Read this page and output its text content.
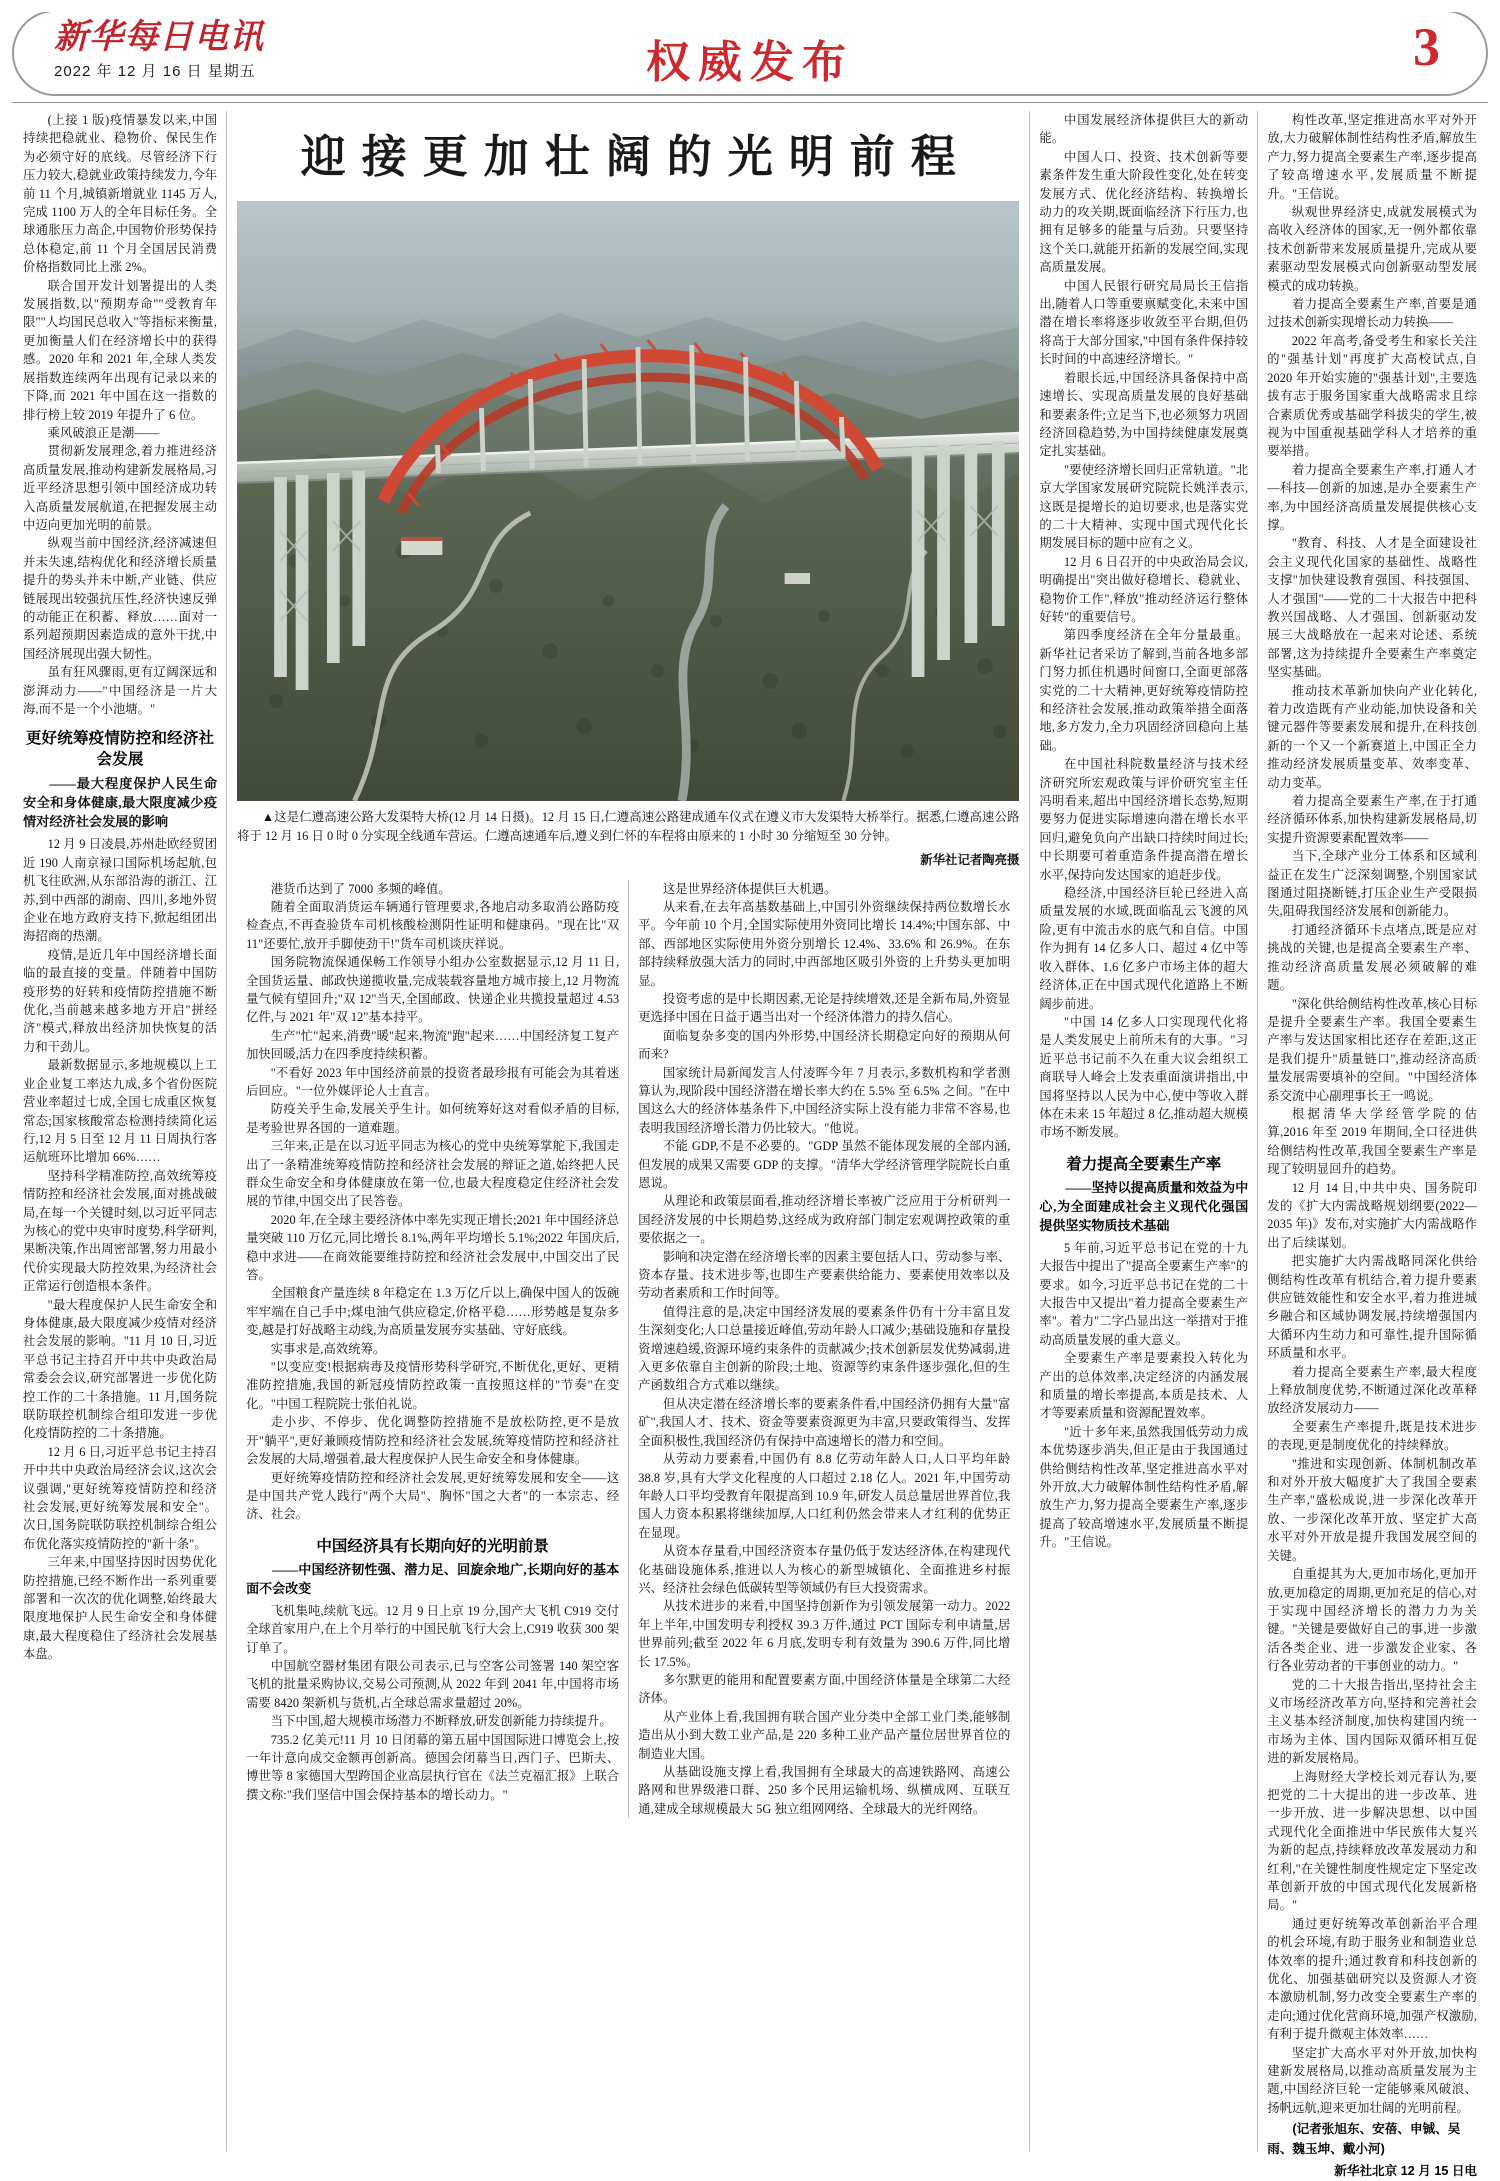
新华每日电讯
2022 年 12 月 16 日 星期五	权威发布	3

(上接 1 版)疫情暴发以来,中国持续把稳就业、稳物价、保民生作为必须守好的底线。尽管经济下行压力较大,稳就业政策持续发力,今年前 11 个月,城镇新增就业 1145 万人,完成 1100 万人的全年目标任务。全球通胀压力高企,中国物价形势保持总体稳定,前 11 个月全国居民消费价格指数同比上涨 2%。

联合国开发计划署提出的人类发展指数,以"预期寿命""受教育年限""人均国民总收入"等指标来衡量,更加衡量人们在经济增长中的获得感。2020 年和 2021 年,全球人类发展指数连续两年出现有记录以来的下降,而 2021 年中国在这一指数的排行榜上较 2019 年提升了 6 位。

乘风破浪正是潮——

贯彻新发展理念,着力推进经济高质量发展,推动构建新发展格局,习近平经济思想引领中国经济成功转入高质量发展航道,在把握发展主动中迈向更加光明的前景。

纵观当前中国经济,经济减速但并未失速,结构优化和经济增长质量提升的势头并未中断,产业链、供应链展现出较强抗压性,经济快速反弹的动能正在积蓄、释放……面对一系列超预期因素造成的意外干扰,中国经济展现出强大韧性。

虽有狂风骤雨,更有辽阔深远和澎湃动力——"中国经济是一片大海,而不是一个小池塘。"

更好统筹疫情防控和经济社会发展

——最大程度保护人民生命安全和身体健康,最大限度减少疫情对经济社会发展的影响

12 月 9 日凌晨,苏州赴欧经贸团近 190 人南京禄口国际机场起航,包机飞往欧洲,从东部沿海的浙江、江苏,到中西部的湖南、四川,多地外贸企业在地方政府支持下,掀起组团出海招商的热潮。

疫情,是近几年中国经济增长面临的最直接的变量。伴随着中国防疫形势的好转和疫情防控措施不断优化,当前越来越多地方开启"拼经济"模式,释放出经济加快恢复的活力和干劲儿。

最新数据显示,多地规模以上工业企业复工率达九成,多个省份医院营业率超过七成,全国七成重区恢复常态;国家核酸常态检测持续简化运行,12 月 5 日至 12 月 11 日周执行客运航班环比增加 66%……

坚持科学精准防控,高效统筹疫情防控和经济社会发展,面对挑战破局,在每一个关键时刻,以习近平同志为核心的党中央审时度势,科学研判,果断决策,作出周密部署,努力用最小代价实现最大防控效果,为经济社会正常运行创造根本条件。

"最大程度保护人民生命安全和身体健康,最大限度减少疫情对经济社会发展的影响。"11 月 10 日,习近平总书记主持召开中共中央政治局常委会会议,研究部署进一步优化防控工作的二十条措施。11 月,国务院联防联控机制综合组印发进一步优化疫情防控的二十条措施。

12 月 6 日,习近平总书记主持召开中共中央政治局经济会议,这次会议强调,"更好统筹疫情防控和经济社会发展,更好统筹发展和安全"。次日,国务院联防联控机制综合组公布优化落实疫情防控的"新十条"。

三年来,中国坚持因时因势优化防控措施,已经不断作出一系列重要部署和一次次的优化调整,始终最大限度地保护人民生命安全和身体健康,最大程度稳住了经济社会发展基本盘。

迎接更加壮阔的光明前程

▲这是仁遵高速公路大发渠特大桥(12 月 14 日摄)。12 月 15 日,仁遵高速公路建成通车仪式在遵义市大发渠特大桥举行。据悉,仁遵高速公路将于 12 月 16 日 0 时 0 分实现全线通车营运。仁遵高速通车后,遵义到仁怀的车程将由原来的 1 小时 30 分缩短至 30 分钟。

新华社记者陶亮摄

港货币达到了 7000 多频的峰值。

随着全面取消货运车辆通行管理要求,各地启动多取消公路防疫检查点,不再查验货车司机核酸检测阴性证明和健康码。"现在比"双 11"还要忙,放开手脚使劲干!"货车司机谈庆祥说。

国务院物流保通保畅工作领导小组办公室数据显示,12 月 11 日,全国货运量、邮政快递揽收量,完成装载容量地方城市接上,12 月物流量气候有望回升;"双 12"当天,全国邮政、快递企业共揽投量超过 4.53 亿件,与 2021 年"双 12"基本持平。

生产"忙"起来,消费"暖"起来,物流"跑"起来……中国经济复工复产加快回暖,活力在四季度持续积蓄。

"不看好 2023 年中国经济前景的投资者最珍报有可能会为其着迷后回应。"一位外媒评论人士直言。

防疫关乎生命,发展关乎生计。如何统筹好这对看似矛盾的目标,是考验世界各国的一道难题。

三年来,正是在以习近平同志为核心的党中央统筹掌舵下,我国走出了一条精准统筹疫情防控和经济社会发展的辩证之道,始终把人民群众生命安全和身体健康放在第一位,也最大程度稳定住经济社会发展的节律,中国交出了民答卷。

2020 年,在全球主要经济体中率先实现正增长;2021 年中国经济总量突破 110 万亿元,同比增长 8.1%,两年平均增长 5.1%;2022 年国庆后,稳中求进——在商效能要维持防控和经济社会发展中,中国交出了民答。

全国粮食产量连续 8 年稳定在 1.3 万亿斤以上,确保中国人的饭碗牢牢端在自己手中;煤电油气供应稳定,价格平稳……形势越是复杂多变,越是打好战略主动线,为高质量发展夯实基础、守好底线。

实事求是,高效统筹。

"以变应变!根据病毒及疫情形势科学研究,不断优化,更好、更精准防控措施,我国的新冠疫情防控政策一直按照这样的"节奏"在变化。"中国工程院院士张伯礼说。

走小步、不停步、优化调整防控措施不是放松防控,更不是放开"躺平",更好兼顾疫情防控和经济社会发展,统筹疫情防控和经济社会发展的大局,增强着,最大程度保护人民生命安全和身体健康。

更好统筹疫情防控和经济社会发展,更好统筹发展和安全——这是中国共产党人践行"两个大局"、胸怀"国之大者"的一本宗志、经济、社会。

中国经济具有长期向好的光明前景

——中国经济韧性强、潜力足、回旋余地广,长期向好的基本面不会改变

飞机集吨,续航飞远。12 月 9 日上京 19 分,国产大飞机 C919 交付全球首家用户,在上个月举行的中国民航飞行大会上,C919 收获 300 架订单了。

中国航空器材集团有限公司表示,已与空客公司签署 140 架空客飞机的批量采购协议,交易公司预测,从 2022 年到 2041 年,中国将市场需要 8420 架新机与货机,占全球总需求量超过 20%。

当下中国,超大规模市场潜力不断释放,研发创新能力持续提升。

735.2 亿美元!11 月 10 日闭幕的第五届中国国际进口博览会上,按一年计意向成交金额再创新高。德国会闭幕当日,西门子、巴斯夫、博世等 8 家德国大型跨国企业高层执行官在《法兰克福汇报》上联合撰文称:"我们坚信中国会保持基本的增长动力。"

这是世界经济体提供巨大机遇。

从来看,在去年高基数基础上,中国引外资继续保持两位数增长水平。今年前 10 个月,全国实际使用外资同比增长 14.4%;中国东部、中部、西部地区实际使用外资分别增长 12.4%、33.6% 和 26.9%。在东部持续释放强大活力的同时,中西部地区吸引外资的上升势头更加明显。

投资考虑的是中长期因素,无论是持续增效,还是全新布局,外资显更选择中国在日益于遇当出对一个经济体潜力的持久信心。

面临复杂多变的国内外形势,中国经济长期稳定向好的预期从何而来?

国家统计局新闻发言人付凌晖今年 7 月表示,多数机构和学者测算认为,现阶段中国经济潜在增长率大约在 5.5% 至 6.5% 之间。"在中国这么大的经济体基条件下,中国经济实际上没有能力非常不容易,也表明我国经济增长潜力仍比较大。"他说。

不能 GDP,不是不必要的。"GDP 虽然不能体现发展的全部内涵,但发展的成果又需要 GDP 的支撑。"清华大学经济管理学院院长白重恩说。

从理论和政策层面看,推动经济增长率被广泛应用于分析研判一国经济发展的中长期趋势,这经成为政府部门制定宏观调控政策的重要依据之一。

影响和决定潜在经济增长率的因素主要包括人口、劳动参与率、资本存量、技术进步等,也即生产要素供给能力、要素使用效率以及劳动者素质和工作时间等。

值得注意的是,决定中国经济发展的要素条件仍有十分丰富且发生深刻变化;人口总量接近峰值,劳动年龄人口减少;基础设施和存量投资增速趋缓,资源环境约束条件的贡献减少;技术创新层发优势减弱,进入更多依靠自主创新的阶段;土地、资源等约束条件逐步强化,但的生产函数组合方式难以继续。

但从决定潜在经济增长率的要素条件看,中国经济仍拥有大量"富矿",我国人才、技术、资金等要素资源更为丰富,只要政策得当、发挥全面积极性,我国经济仍有保持中高速增长的潜力和空间。

从劳动力要素看,中国仍有 8.8 亿劳动年龄人口,人口平均年龄 38.8 岁,具有大学文化程度的人口超过 2.18 亿人。2021 年,中国劳动年龄人口平均受教育年限提高到 10.9 年,研发人员总量居世界首位,我国人力资本积累将继续加厚,人口红利仍然会带来人才红利的优势正在显现。

从资本存量看,中国经济资本存量仍低于发达经济体,在构建现代化基础设施体系,推进以人为核心的新型城镇化、全面推进乡村振兴、经济社会绿色低碳转型等领域仍有巨大投资需求。

从技术进步的来看,中国坚持创新作为引领发展第一动力。2022 年上半年,中国发明专利授权 39.3 万件,通过 PCT 国际专利申请量,居世界前列;截至 2022 年 6 月底,发明专利有效量为 390.6 万件,同比增长 17.5%。

多尔默更的能用和配置要素方面,中国经济体量是全球第二大经济体。

从产业体上看,我国拥有联合国产业分类中全部工业门类,能够制造出从小到大数工业产品,是 220 多种工业产品产量位居世界首位的制造业大国。

从基础设施支撑上看,我国拥有全球最大的高速铁路网、高速公路网和世界级港口群、250 多个民用运输机场、纵横成网、互联互通,建成全球规模最大 5G 独立组网网络、全球最大的光纤网络。

中国发展经济体提供巨大的新动能。

中国人口、投资、技术创新等要素条件发生重大阶段性变化,处在转变发展方式、优化经济结构、转换增长动力的攻关期,既面临经济下行压力,也拥有足够多的能量与后劲。只要坚持这个关口,就能开拓新的发展空间,实现高质量发展。

中国人民银行研究局局长王信指出,随着人口等重要禀赋变化,未来中国潜在增长率将逐步收敛至平台期,但仍将高于大部分国家,"中国有条件保持较长时间的中高速经济增长。"

着眼长远,中国经济具备保持中高速增长、实现高质量发展的良好基础和要素条件;立足当下,也必须努力巩固经济回稳趋势,为中国持续健康发展奠定扎实基础。

"要使经济增长回归正常轨道。"北京大学国家发展研究院院长姚洋表示,这既是提增长的迫切要求,也是落实党的二十大精神、实现中国式现代化长期发展目标的题中应有之义。

12 月 6 日召开的中央政治局会议,明确提出"突出做好稳增长、稳就业、稳物价工作",释放"推动经济运行整体好转"的重要信号。

第四季度经济在全年分量最重。新华社记者采访了解到,当前各地多部门努力抓住机遇时间窗口,全面更部落实党的二十大精神,更好统筹疫情防控和经济社会发展,推动政策举措全面落地,多方发力,全力巩固经济回稳向上基础。

在中国社科院数量经济与技术经济研究所宏观政策与评价研究室主任冯明看来,超出中国经济增长态势,短期要努力促进实际增速向潜在增长水平回归,避免负向产出缺口持续时间过长;中长期要可着重造条件提高潜在增长水平,保持向发达国家的追赶步伐。

稳经济,中国经济巨轮已经进入高质量发展的水域,既面临乱云飞渡的风险,更有中流击水的底气和自信。中国作为拥有 14 亿多人口、超过 4 亿中等收入群体、1.6 亿多户市场主体的超大经济体,正在中国式现代化道路上不断阔步前进。

"中国 14 亿多人口实现现代化将是人类发展史上前所未有的大事。"习近平总书记前不久在重大议会组织工商联导人峰会上发表重面演讲指出,中国将坚持以人民为中心,使中等收入群体在未来 15 年超过 8 亿,推动超大规模市场不断发展。

着力提高全要素生产率

——坚持以提高质量和效益为中心,为全面建成社会主义现代化强国提供坚实物质技术基础

5 年前,习近平总书记在党的十九大报告中提出了"提高全要素生产率"的要求。如今,习近平总书记在党的二十大报告中又提出"着力提高全要素生产率"。着力"二字凸显出这一举措对于推动高质量发展的重大意义。

全要素生产率是要素投入转化为产出的总体效率,决定经济的内涵发展和质量的增长率提高,本质是技术、人才等要素质量和资源配置效率。

"近十多年来,虽然我国低劳动力成本优势逐步消失,但正是由于我国通过供给侧结构性改革,坚定推进高水平对外开放,大力破解体制性结构性矛盾,解放生产力,努力提高全要素生产率,逐步提高了较高增速水平,发展质量不断提升。"王信说。

构性改革,坚定推进高水平对外开放,大力破解体制性结构性矛盾,解放生产力,努力提高全要素生产率,逐步提高了较高增速水平,发展质量不断提升。"王信说。

纵观世界经济史,成就发展模式为高收入经济体的国家,无一例外都依靠技术创新带来发展质量提升,完成从要素驱动型发展模式向创新驱动型发展模式的成功转换。

着力提高全要素生产率,首要是通过技术创新实现增长动力转换——

2022 年高考,备受考生和家长关注的"强基计划"再度扩大高校试点,自 2020 年开始实施的"强基计划",主要选拔有志于服务国家重大战略需求且综合素质优秀或基础学科拔尖的学生,被视为中国重视基础学科人才培养的重要举措。

着力提高全要素生产率,打通人才—科技—创新的加速,是办全要素生产率,为中国经济高质量发展提供核心支撑。

"教育、科技、人才是全面建设社会主义现代化国家的基础性、战略性支撑"加快建设教育强国、科技强国、人才强国"——党的二十大报告中把科教兴国战略、人才强国、创新驱动发展三大战略放在一起来对论述、系统部署,这为持续提升全要素生产率奠定坚实基础。

推动技术革新加快向产业化转化,着力改造既有产业动能,加快设备和关键元器件等要素发展和提升,在科技创新的一个又一个新赛道上,中国正全力推动经济发展质量变革、效率变革、动力变革。

着力提高全要素生产率,在于打通经济循环体系,加快构建新发展格局,切实提升资源要素配置效率——

当下,全球产业分工体系和区域利益正在发生广泛深刻调整,个别国家试图通过阻挠断链,打压企业生产受限损失,阻碍我国经济发展和创新能力。

打通经济循环卡点堵点,既是应对挑战的关键,也是提高全要素生产率、推动经济高质量发展必须破解的难题。

"深化供给侧结构性改革,核心目标是提升全要素生产率。我国全要素生产率与发达国家相比还存在差距,这正是我们提升"质量链口",推动经济高质量发展需要填补的空间。"中国经济体系交流中心副理事长王一鸣说。

根据清华大学经管学院的估算,2016 年至 2019 年期间,全口径进供给侧结构性改革,我国全要素生产率是现了较明显回升的趋势。

12 月 14 日,中共中央、国务院印发的《扩大内需战略规划纲要(2022—2035 年)》发布,对实施扩大内需战略作出了后续谋划。

把实施扩大内需战略同深化供给侧结构性改革有机结合,着力提升要素供应链效能性和安全水平,着力推进城乡融合和区域协调发展,持续增强国内大循环内生动力和可靠性,提升国际循环质量和水平。

着力提高全要素生产率,最大程度上释放制度优势,不断通过深化改革释放经济发展动力——

全要素生产率提升,既是技术进步的表现,更是制度优化的持续释放。

"推进和实现创新、体制机制改革和对外开放大幅度扩大了我国全要素生产率,"盛松成说,进一步深化改革开放、一步深化改革开放、坚定扩大高水平对外开放是提升我国发展空间的关键。

自重提其为大,更加市场化,更加开放,更加稳定的周期,更加充足的信心,对于实现中国经济增长的潜力力为关键。"关键是要做好自己的事,进一步激活各类企业、进一步激发企业家、各行各业劳动者的干事创业的动力。"

党的二十大报告指出,坚持社会主义市场经济改革方向,坚持和完善社会主义基本经济制度,加快构建国内统一市场为主体、国内国际双循环相互促进的新发展格局。

上海财经大学校长刘元春认为,要把党的二十大提出的进一步改革、进一步开放、进一步解决思想、以中国式现代化全面推进中华民族伟大复兴为新的起点,持续释放改革发展动力和红利,"在关键性制度性规定定下坚定改革创新开放的中国式现代化发展新格局。"

通过更好统筹改革创新治平合理的机会环境,有助于服务业和制造业总体效率的提升;通过教育和科技创新的优化、加强基础研究以及资源人才资本激励机制,努力改变全要素生产率的走向;通过优化营商环境,加强产权激励,有利于提升微观主体效率……

坚定扩大高水平对外开放,加快构建新发展格局,以推动高质量发展为主题,中国经济巨轮一定能够乘风破浪、扬帆远航,迎来更加壮阔的光明前程。

(记者张旭东、安蓓、申铖、吴雨、魏玉坤、戴小河)
新华社北京 12 月 15 日电
